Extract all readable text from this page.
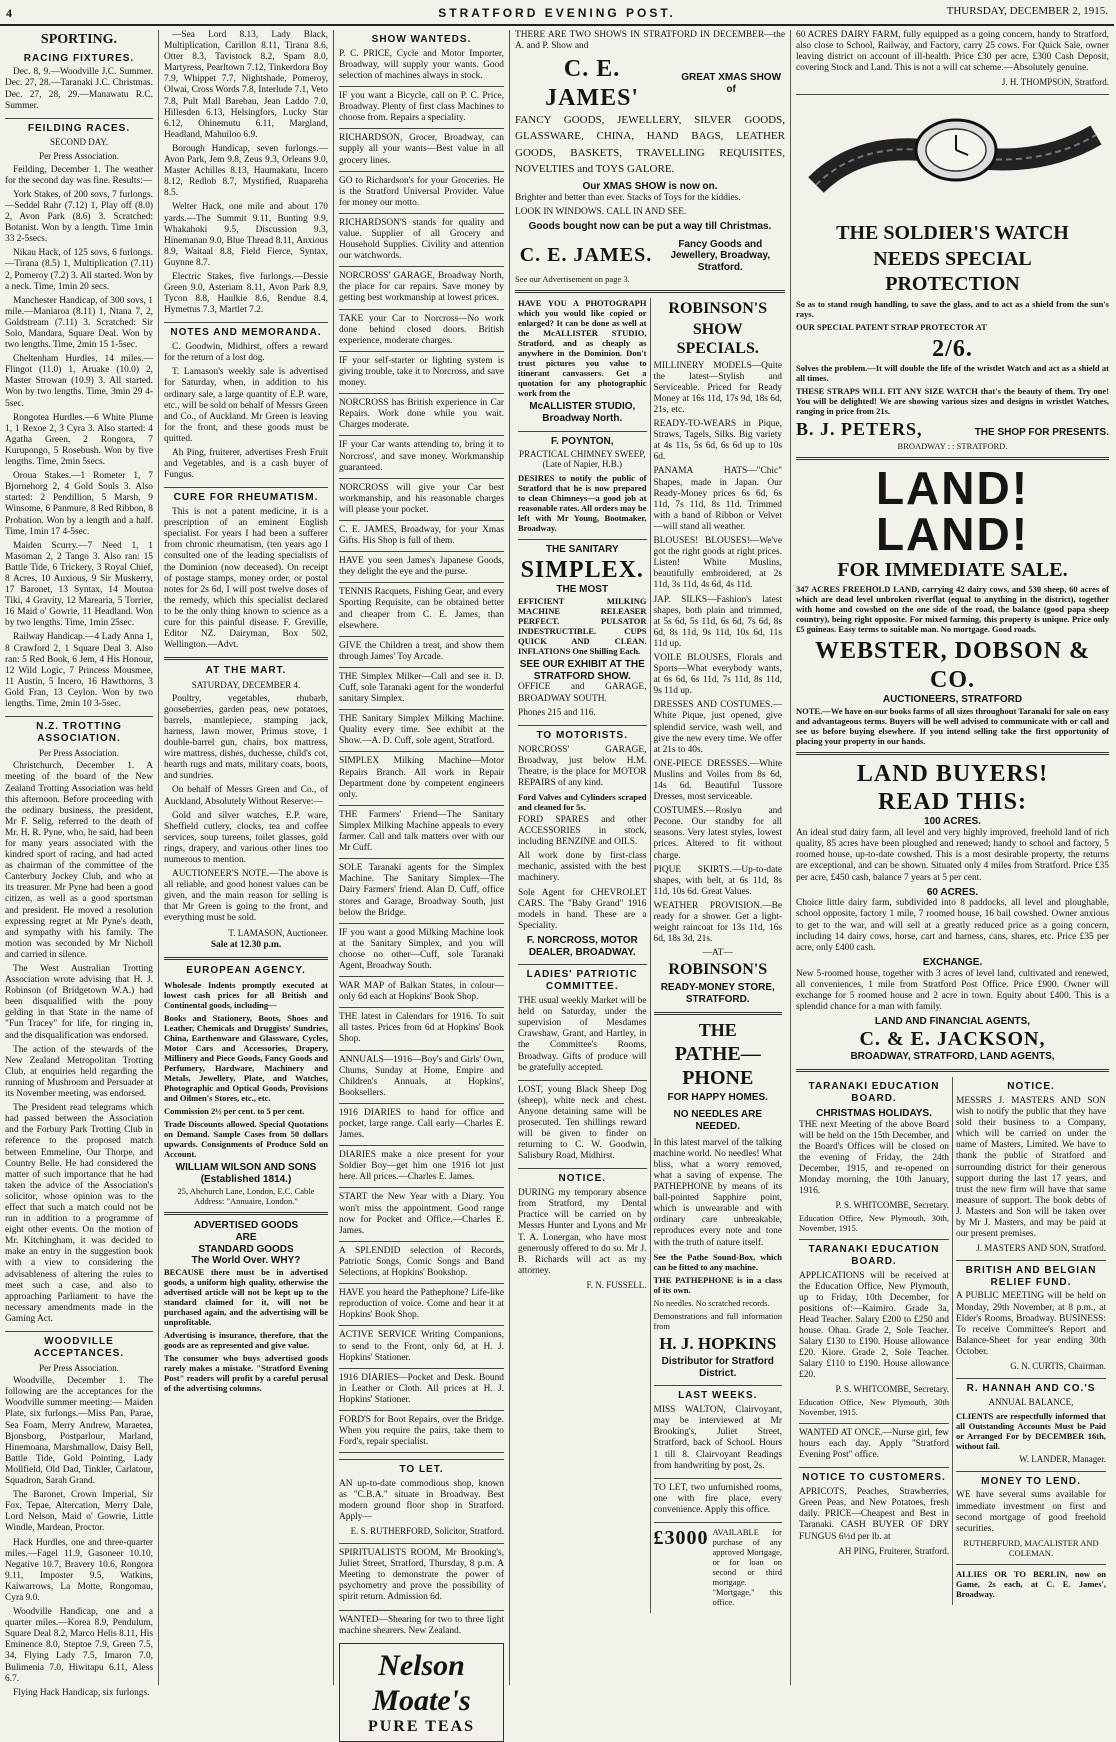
4	STRATFORD EVENING POST.	THURSDAY, DECEMBER 2, 1915.
SPORTING.
RACING FIXTURES.

Dec. 8, 9.—Woodville J.C. Summer. Dec. 27, 28.—Taranaki J.C. Christmas. Dec. 27, 28, 29.—Manawatu R.C. Summer.

FEILDING RACES.
SECOND DAY.
Per Press Association.

Feilding, December 1. The weather for the second day was fine. Results:—

York Stakes, of 200 sovs, 7 furlongs.—Seddel Rahr (7.12) 1, Play off (8.0) 2, Avon Park (8.6) 3. Scratched: Botanist. Won by a length. Time 1min 33 2-5secs.

Nikau Hack, of 125 sovs, 6 furlongs.—Tirana (8.5) 1, Multiplication (7.11) 2, Pomeroy (7.2) 3. All started. Won by a neck. Time, 1min 20 secs.

Manchester Handicap, of 300 sovs, 1 mile.—Maniaroa (8.11) 1, Ntana 7, 2, Goldstream (7.11) 3. Scratched: Sir Solo, Mandara, Square Deal. Won by two lengths. Time, 2min 15 1-5sec.

Cheltenham Hurdles, 14 miles.—Flingot (11.0) 1, Aruake (10.0) 2, Master Strowan (10.9) 3. All started. Won by two lengths. Time, 3min 29 4-5sec.

Rongotea Hurdles.—6 White Plume 1, 1 Rexoe 2, 3 Cyra 3. Also started: 4 Agatha Green, 2 Rongora, 7 Kurupongo, 5 Rosebush. Won by five lengths. Time, 2min 5secs.

Oroua Stakes.—1 Rometer 1, 7 Bjornehorg 2, 4 Gold Souls 3. Also started: 2 Pendillion, 5 Marsh, 9 Winsome, 6 Panmure, 8 Red Ribbon, 8 Probation. Won by a length and a half. Time, 1min 17 4-5sec.

Maiden Scurry.—7 Need 1, 1 Masoman 2, 2 Tango 3. Also ran: 15 Battle Tide, 6 Trickery, 3 Royal Chief, 8 Acres, 10 Auxious, 9 Sir Muskerry, 17 Baronet, 13 Syntax, 14 Moutoa Tiki, 4 Gravity, 12 Marearia, 5 Torrier, 16 Maid o' Gowrie, 11 Headland. Won by two lengths. Time, 1min 25sec.

Railway Handicap.—4 Lady Anna 1, 8 Crawford 2, 1 Square Deal 3. Also ran: 5 Red Book, 6 Jem, 4 His Honour, 12 Wild Logic, 7 Princess Mousmee, 11 Austin, 5 Incero, 16 Hawthorns, 3 Gold Fran, 13 Ceylon. Won by two lengths. Time, 2min 10 3-5sec.

N.Z. TROTTING ASSOCIATION.
Per Press Association.

Christchurch, December 1. A meeting of the board of the New Zealand Trotting Association was held this afternoon. Before proceeding with the ordinary business, the president, Mr F. Selig, referred to the death of Mr. H. R. Pyne, who, he said, had been for many years associated with the kindred sport of racing, and had acted as chairman of the committee of the Canterbury Jockey Club, and who at its treasurer. Mr Pyne had been a good citizen, as well as a good sportsman and president. He moved a resolution expressing regret at Mr Pyne's death, and sympathy with his family. The motion was seconded by Mr Nicholl and carried in silence.

The West Australian Trotting Association wrote advising that H. J. Robinson (of Bridgetown W.A.) had been disqualified with the pony gelding in that State in the name of "Fun Tracey" for life, for ringing in, and the disqualification was endorsed.

The action of the stewards of the New Zealand Metropolitan Trotting Club, at enquiries held regarding the running of Mushroom and Persuader at its November meeting, was endorsed.

The President read telegrams which had passed between the Association and the Forbury Park Trotting Club in reference to the proposed match between Emmeline, Our Thorpe, and Country Belle. He had considered the matter of such importance that he had taken the advice of the Association's solicitor, whose opinion was to the effect that such a match could not be run in addition to a programme of eight other events. On the motion of Mr. Kitchingham, it was decided to make an entry in the suggestion book with a view to considering the advisableness of altering the rules to meet such a case, and also to approaching Parliament to have the necessary amendments made in the Gaming Act.

WOODVILLE ACCEPTANCES.
Per Press Association.

Woodville, December 1. The following are the acceptances for the Woodville summer meeting:— Maiden Plate, six furlongs.—Miss Pan, Parae, Sea Foam, Merry Andrew, Maraetea, Bjonsborg, Postparlour, Marland, Hinemoana, Marshmallow, Daisy Bell, Battle Tide, Gold Pointing, Lady Mollfield, Old Dad, Tinkler, Carlatour, Squadron, Sarah Grand.

The Baronet, Crown Imperial, Sir Fox, Tepae, Altercation, Merry Dale, Lord Nelson, Maid o' Gowrie, Little Windle, Mardean, Proctor.

Hack Hurdles, one and three-quarter miles.—Fagel 11.9, Gasoneer 10.10, Negative 10.7, Bravery 10.6, Rongora 9.11, Imposter 9.5, Watkins, Kaiwarrows, La Motte, Rongomau, Cyra 9.0.

Woodville Handicap, one and a quarter miles.—Korea 8.9, Pendulum, Square Deal 8.2, Marco Helis 8.11, His Eminence 8.0, Steptoe 7.9, Green 7.5, 34, Flying Lady 7.5, Imaron 7.0, Bulimenia 7.0, Hiwitapu 6.11, Aless 6.7.

Flying Hack Handicap, six furlongs.

—Sea Lord 8.13, Lady Black, Multiplication, Carillon 8.11, Tirana 8.6, Otter 8.3, Tavistock 8.2, Spam 8.0, Martyress, Pearltown 7.12, Tinkerdora Boy 7.9, Whippet 7.7, Nightshade, Pomeroy, Olwai, Cross Words 7.8, Interlude 7.1, Veto 7.8, Pult Mall Barebau, Jean Laddo 7.0, Hillesden 6.13, Helsingfors, Lucky Star 6.12, Ohinemutu 6.11, Margland, Headland, Mahuiloo 6.9.

Borough Handicap, seven furlongs.—Avon Park, Jem 9.8, Zeus 9.3, Orleans 9.0, Master Achilles 8.13, Haumakatu, Incero 8.12, Redlob 8.7, Mystified, Ruapareha 8.5.

Welter Hack, one mile and about 170 yards.—The Summit 9.11, Bunting 9.9, Whakahoki 9.5, Discussion 9.3, Hinemanan 9.0, Blue Thread 8.11, Anxious 8.9, Waitaal 8.8, Field Fierce, Syntax, Guynne 8.7.

Electric Stakes, five furlongs.—Dessie Green 9.0, Asteriam 8.11, Avon Park 8.9, Tycon 8.8, Haulkie 8.6, Rendue 8.4, Hymettus 7.3, Martlet 7.2.

NOTES AND MEMORANDA.

C. Goodwin, Midhirst, offers a reward for the return of a lost dog.

T. Lamason's weekly sale is advertised for Saturday, when, in addition to his ordinary sale, a large quantity of E.P. ware, etc., will be sold on behalf of Messrs Green and Co., of Auckland. Mr Green is leaving for the front, and these goods must be quitted.

Ah Ping, fruiterer, advertises Fresh Fruit and Vegetables, and is a cash buyer of Fungus.

CURE FOR RHEUMATISM.

This is not a patent medicine, it is a prescription of an eminent English specialist. For years I had been a sufferer from chronic rheumatism, (ten years ago I consulted one of the leading specialists of the Dominion (now deceased). On receipt of postage stamps, money order, or postal notes for 2s 6d, I will post twelve doses of the remedy, which this specialist declared to be the only thing known to science as a cure for this painful disease. F. Greville, Editor NZ. Dairyman, Box 502, Wellington.—Advt.

AT THE MART.
SATURDAY, DECEMBER 4.

Poultry, vegetables, rhubarb, gooseberries, garden peas, new potatoes, barrels, mantlepiece, stamping jack, harness, lawn mower, Primus stove, 1 double-barrel gun, chairs, box mattress, wire mattress, dishes, duchesse, child's cot, hearth rugs and mats, military coats, boots, and sundries.

On behalf of Messrs Green and Co., of Auckland, Absolutely Without Reserve:—

Gold and silver watches, E.P. ware, Sheffield cutlery, clocks, tea and coffee services, soup tureens, toilet glasses, gold rings, drapery, and various other lines too numerous to mention.

AUCTIONEER'S NOTE.—The above is all reliable, and good honest values can be given, and the main reason for selling is that Mr Green is going to the front, and everything must be sold.

T. LAMASON, Auctioneer.
Sale at 12.30 p.m.
EUROPEAN AGENCY.

Wholesale Indents promptly executed at lowest cash prices for all British and Continental goods, including—

Books and Stationery, Boots, Shoes and Leather, Chemicals and Druggists' Sundries, China, Earthenware and Glassware, Cycles, Motor Cars and Accessories, Drapery, Millinery and Piece Goods, Fancy Goods and Perfumery, Hardware, Machinery and Metals, Jewellery, Plate, and Watches, Photographic and Optical Goods, Provisions and Oilmen's Stores, etc., etc.

Commission 2½ per cent. to 5 per cent.

Trade Discounts allowed. Special Quotations on Demand. Sample Cases from 50 dollars upwards. Consignments of Produce Sold on Account.

WILLIAM WILSON AND SONS (Established 1814.)
25, Abchurch Lane, London, E.C. Cable Address: "Annuaire, London."
ADVERTISED GOODS
ARE
STANDARD GOODS
The World Over. WHY?

BECAUSE there must be in advertised goods, a uniform high quality, otherwise the advertised article will not be kept up to the standard claimed for it, will not be purchased again, and the advertising will be unprofitable.

Advertising is insurance, therefore, that the goods are as represented and give value.

The consumer who buys advertised goods rarely makes a mistake. "Stratford Evening Post" readers will profit by a careful perusal of the advertising columns.

SHOW WANTEDS.

P. C. PRICE, Cycle and Motor Importer, Broadway, will supply your wants. Good selection of machines always in stock.

IF you want a Bicycle, call on P. C. Price, Broadway. Plenty of first class Machines to choose from. Repairs a speciality.

RICHARDSON, Grocer, Broadway, can supply all your wants—Best value in all grocery lines.

GO to Richardson's for your Groceries. He is the Stratford Universal Provider. Value for money our motto.

RICHARDSON'S stands for quality and value. Supplier of all Grocery and Household Supplies. Civility and attention our watchwords.

NORCROSS' GARAGE, Broadway North, the place for car repairs. Save money by getting best workmanship at lowest prices.

TAKE your Car to Norcross—No work done behind closed doors. British experience, moderate charges.

IF your self-starter or lighting system is giving trouble, take it to Norcross, and save money.

NORCROSS has British experience in Car Repairs. Work done while you wait. Charges moderate.

IF your Car wants attending to, bring it to Norcross', and save money. Workmanship guaranteed.

NORCROSS will give your Car best workmanship, and his reasonable charges will please your pocket.

C. E. JAMES, Broadway, for your Xmas Gifts. His Shop is full of them.

HAVE you seen James's Japanese Goods, they delight the eye and the purse.

TENNIS Racquets, Fishing Gear, and every Sporting Requisite, can be obtained better and cheaper from C. E. James, than elsewhere.

GIVE the Children a treat, and show them through James' Toy Arcade.

THE Simplex Milker—Call and see it. D. Cuff, sole Taranaki agent for the wonderful sanitary Simplex.

THE Sanitary Simplex Milking Machine. Quality every time. See exhibit at the Show.—A. D. Cuff, sole agent, Stratford.

SIMPLEX Milking Machine—Motor Repairs Branch. All work in Repair Department done by competent engineers only.

THE Farmers' Friend—The Sanitary Simplex Milking Machine appeals to every farmer. Call and talk matters over with our Mr Cuff.

SOLE Taranaki agents for the Simplex Machine. The Sanitary Simplex—The Dairy Farmers' friend. Alan D. Cuff, office stores and Garage, Broadway South, just below the Bridge.

IF you want a good Milking Machine look at the Sanitary Simplex, and you will choose no other—Cuff, sole Taranaki Agent, Broadway South.

WAR MAP of Balkan States, in colour—only 6d each at Hopkins' Book Shop.

THE latest in Calendars for 1916. To suit all tastes. Prices from 6d at Hopkins' Book Shop.

ANNUALS—1916—Boy's and Girls' Own, Chums, Sunday at Home, Empire and Children's Annuals, at Hopkins', Booksellers.

1916 DIARIES to hand for office and pocket, large range. Call early—Charles E. James.

DIARIES make a nice present for your Soldier Boy—get him one 1916 lot just here. All prices.—Charles E. James.

START the New Year with a Diary. You won't miss the appointment. Good range now for Pocket and Office.—Charles E. James.

A SPLENDID selection of Records, Patriotic Songs, Comic Songs and Band Selections, at Hopkins' Bookshop.

HAVE you heard the Pathephone? Life-like reproduction of voice. Come and hear it at Hopkins' Book Shop.

ACTIVE SERVICE Writing Companions, to send to the Front, only 6d, at H. J. Hopkins' Stationer.

1916 DIARIES—Pocket and Desk. Bound in Leather or Cloth. All prices at H. J. Hopkins' Stationer.

FORD'S for Boot Repairs, over the Bridge. When you require the pairs, take them to Ford's, repair specialist.

TO LET.

AN up-to-date commodious shop, known as "C.B.A." situate in Broadway. Best modern ground floor shop in Stratford. Apply—

E. S. RUTHERFORD, Solicitor, Stratford.

SPIRITUALISTS ROOM, Mr Brooking's, Juliet Street, Stratford, Thursday, 8 p.m. A Meeting to demonstrate the power of psychometry and prove the possibility of spirit return. Admission 6d.

WANTED—Shearing for two to three light machine shearers. New Zealand.

Nelson Moate's
PURE TEAS

THERE ARE TWO SHOWS IN STRATFORD IN DECEMBER—the A. and P. Show and

C. E. JAMES'
GREAT XMAS SHOW of

FANCY GOODS, JEWELLERY, SILVER GOODS, GLASSWARE, CHINA, HAND BAGS, LEATHER GOODS, BASKETS, TRAVELLING REQUISITES, NOVELTIES and TOYS GALORE.

Our XMAS SHOW is now on.

Brighter and better than ever. Stacks of Toys for the kiddies.

LOOK IN WINDOWS. CALL IN AND SEE.

Goods bought now can be put a way till Christmas.
C. E. JAMES.
Fancy Goods and Jewellery, Broadway, Stratford.

See our Advertisement on page 3.

HAVE YOU A PHOTOGRAPH which you would like copied or enlarged? It can be done as well at the McALLISTER STUDIO, Stratford, and as cheaply as anywhere in the Dominion. Don't trust pictures you value to itinerant canvassers. Get a quotation for any photographic work from the

McALLISTER STUDIO, Broadway North.
F. POYNTON,
PRACTICAL CHIMNEY SWEEP, (Late of Napier, H.B.)

DESIRES to notify the public of Stratford that he is now prepared to clean Chimneys—a good job at reasonable rates. All orders may be left with Mr Young, Bootmaker, Broadway.

THE SANITARY
SIMPLEX.
THE MOST

EFFICIENT MILKING MACHINE RELEASER PERFECT. PULSATOR INDESTRUCTIBLE. CUPS QUICK AND CLEAN. INFLATIONS One Shilling Each.

SEE OUR EXHIBIT AT THE STRATFORD SHOW.

OFFICE and GARAGE, BROADWAY SOUTH.

Phones 215 and 116.

TO MOTORISTS.

NORCROSS' GARAGE, Broadway, just below H.M. Theatre, is the place for MOTOR REPAIRS of any kind.

Ford Valves and Cylinders scraped and cleaned for 5s.

FORD SPARES and other ACCESSORIES in stock, including BENZINE and OILS.

All work done by first-class mechanic, assisted with the best machinery.

Sole Agent for CHEVROLET CARS. The "Baby Grand" 1916 models in hand. These are a Speciality.

F. NORCROSS, MOTOR DEALER, BROADWAY.
LADIES' PATRIOTIC COMMITTEE.

THE usual weekly Market will be held on Saturday, under the supervision of Mesdames Crawshaw, Grant, and Hartley, in the Committee's Rooms, Broadway. Gifts of produce will be gratefully accepted.

LOST, young Black Sheep Dog (sheep), white neck and chest. Anyone detaining same will be prosecuted. Ten shillings reward will be given to finder on returning to C. W. Goodwin, Salisbury Road, Midhirst.

NOTICE.

DURING my temporary absence from Stratford, my Dental Practice will be carried on by Messrs Hunter and Lyons and Mr T. A. Lonergan, who have most generously offered to do so. Mr J. B. Richards will act as my attorney.

F. N. FUSSELL.
ROBINSON'S
SHOW SPECIALS.

MILLINERY MODELS—Quite the latest—Stylish and Serviceable. Priced for Ready Money at 16s 11d, 17s 9d, 18s 6d, 21s, etc.

READY-TO-WEARS in Pique, Straws, Tagels, Silks. Big variety at 4s 11s, 5s 6d, 6s 6d up to 10s 6d.

PANAMA HATS—"Chic" Shapes, made in Japan. Our Ready-Money prices 6s 6d, 6s 11d, 7s 11d, 8s 11d. Trimmed with a band of Ribbon or Velvet—will stand all weather.

BLOUSES! BLOUSES!—We've got the right goods at right prices. Listen! White Muslins, beautifully embroidered, at 2s 11d, 3s 11d, 4s 6d, 4s 11d.

JAP. SILKS—Fashion's latest shapes, both plain and trimmed, at 5s 6d, 5s 11d, 6s 6d, 7s 6d, 8s 6d, 8s 11d, 9s 11d, 10s 6d, 11s 11d up.

VOILE BLOUSES, Florals and Sports—What everybody wants, at 6s 6d, 6s 11d, 7s 11d, 8s 11d, 9s 11d up.

DRESSES AND COSTUMES.—White Pique, just opened, give splendid service, wash well, and give the new every time. We offer at 21s to 40s.

ONE-PIECE DRESSES.—White Muslins and Voiles from 8s 6d, 14s 6d. Beautiful Tussore Dresses, most serviceable.

COSTUMES.—Roslyn and Pecone. Our standby for all seasons. Very latest styles, lowest prices. Altered to fit without charge.

PIQUE SKIRTS.—Up-to-date shapes, with belt, at 6s 11d, 8s 11d, 10s 6d. Great Values.

WEATHER PROVISION.—Be ready for a shower. Get a light-weight raincoat for 13s 11d, 16s 6d, 18s 3d, 21s.

—AT—
ROBINSON'S
READY-MONEY STORE, STRATFORD.
THE
PATHE—PHONE
FOR HAPPY HOMES.
NO NEEDLES ARE NEEDED.

In this latest marvel of the talking machine world. No needles! What bliss, what a worry removed, what a saving of expense. The PATHEPHONE by means of its ball-pointed Sapphire point, which is unwearable and with ordinary care unbreakable, reproduces every note and tone with the truth of nature itself.

See the Pathe Sound-Box, which can be fitted to any machine.

THE PATHEPHONE is in a class of its own.

No needles. No scratched records.

Demonstrations and full information from

H. J. HOPKINS
Distributor for Stratford District.
LAST WEEKS.

MISS WALTON, Clairvoyant, may be interviewed at Mr Brooking's, Juliet Street, Stratford, back of School. Hours 1 till 8. Clairvoyant Readings from handwriting by post, 2s.

TO LET, two unfurnished rooms, one with fire place, every convenience. Apply this office.

£3000 AVAILABLE for purchase of any approved Mortgage, or for loan on second or third mortgage. "Mortgage," this office.

60 ACRES DAIRY FARM, fully equipped as a going concern, handy to Stratford, also close to School, Railway, and Factory, carry 25 cows. For Quick Sale, owner leaving district on account of ill-health. Price £30 per acre, £300 Cash Deposit, covering Stock and Land. This is not a will cat scheme.—Absolutely genuine.

J. H. THOMPSON, Stratford.
THE SOLDIER'S WATCH
NEEDS SPECIAL
PROTECTION

So as to stand rough handling, to save the glass, and to act as a shield from the sun's rays.

OUR SPECIAL PATENT STRAP PROTECTOR AT

2/6.

Solves the problem.—It will double the life of the wristlet Watch and act as a shield at all times.

THESE STRAPS WILL FIT ANY SIZE WATCH that's the beauty of them. Try one! You will be delighted! We are showing various sizes and designs in wristlet Watches, ranging in price from 21s.

B. J. PETERS,	THE SHOP FOR PRESENTS.
BROADWAY : : STRATFORD.
LAND! LAND!
FOR IMMEDIATE SALE.

347 ACRES FREEHOLD LAND, carrying 42 dairy cows, and 530 sheep, 60 acres of which are dead level unbroken riverflat (equal to anything in the district), together with home and cowshed on the one side of the road, the balance (good papa sheep country), being right opposite. For mixed farming, this property is unique. Price only £5 guineas. Easy terms to suitable man. No mortgage. Good roads.

WEBSTER, DOBSON & CO.
AUCTIONEERS, STRATFORD

NOTE.—We have on our books farms of all sizes throughout Taranaki for sale on easy and advantageous terms. Buyers will be well advised to communicate with or call and see us before buying elsewhere. If you intend selling take the first opportunity of placing your property in our hands.

LAND BUYERS!
READ THIS:
100 ACRES.

An ideal stud dairy farm, all level and very highly improved, freehold land of rich quality, 85 acres have been ploughed and renewed; handy to school and factory, 5 roomed house, up-to-date cowshed. This is a most desirable property, the returns are exceptional, and can be shown. Situated only 4 miles from Stratford. Price £35 per acre, £450 cash, balance 7 years at 5 per cent.

60 ACRES.

Choice little dairy farm, subdivided into 8 paddocks, all level and ploughable, school opposite, factory 1 mile, 7 roomed house, 16 bail cowshed. Owner anxious to get to the war, and will sell at a greatly reduced price as a going concern, including 14 dairy cows, horse, cart and harness, cans, shares, etc. Price £35 per acre, only £400 cash.

EXCHANGE.

New 5-roomed house, together with 3 acres of level land, cultivated and renewed, all conveniences, 1 mile from Stratford Post Office. Price £900. Owner will exchange for 5 roomed house and 2 acre in town. Equity about £400. This is a splendid chance for a man with family.

LAND AND FINANCIAL AGENTS,
C. & E. JACKSON,
BROADWAY, STRATFORD, LAND AGENTS,
TARANAKI EDUCATION BOARD.
CHRISTMAS HOLIDAYS.

THE next Meeting of the above Board will be held on the 15th December, and the Board's Offices will be closed on the evening of Friday, the 24th December, 1915, and re-opened on Monday morning, the 10th January, 1916.

P. S. WHITCOMBE, Secretary.

Education Office, New Plymouth, 30th, November, 1915.

TARANAKI EDUCATION BOARD.

APPLICATIONS will be received at the Education Office, New Plymouth, up to Friday, 10th December, for positions of:—Kaimiro. Grade 3a, Head Teacher. Salary £200 to £250 and house. Ohau. Grade 2, Sole Teacher. Salary £130 to £190. House allowance £20. Kiore. Grade 2, Sole Teacher. Salary £110 to £190. House allowance £20.

P. S. WHITCOMBE, Secretary.

Education Office, New Plymouth, 30th November, 1915.

WANTED AT ONCE.—Nurse girl, few hours each day. Apply "Stratford Evening Post" office.

NOTICE TO CUSTOMERS.

APRICOTS, Peaches, Strawberries, Green Peas, and New Potatoes, fresh daily. PRICE—Cheapest and Best in Taranaki. CASH BUYER OF DRY FUNGUS 6½d per lb. at

AH PING, Fruiterer, Stratford.
NOTICE.

MESSRS J. MASTERS AND SON wish to notify the public that they have sold their business to a Company, which will be carried on under the name of Masters, Limited. We have to thank the public of Stratford and surrounding district for their generous support during the last 17 years, and trust the new firm will have that same measure of support. The book debts of J. Masters and Son will be taken over by Mr J. Masters, and may be paid at our present premises.

J. MASTERS AND SON, Stratford.
BRITISH AND BELGIAN RELIEF FUND.

A PUBLIC MEETING will be held on Monday, 29th November, at 8 p.m., at Elder's Rooms, Broadway. BUSINESS: To receive Committee's Report and Balance-Sheet for year ending 30th October.

G. N. CURTIS, Chairman.
R. HANNAH AND CO.'S
ANNUAL BALANCE,

CLIENTS are respectfully informed that all Outstanding Accounts Must be Paid or Arranged For by DECEMBER 16th, without fail.

W. LANDER, Manager.
MONEY TO LEND.

WE have several sums available for immediate investment on first and second mortgage of good freehold securities.

RUTHERFURD, MACALISTER AND COLEMAN.

ALLIES OR TO BERLIN, now on Game, 2s each, at C. E. James', Broadway.
